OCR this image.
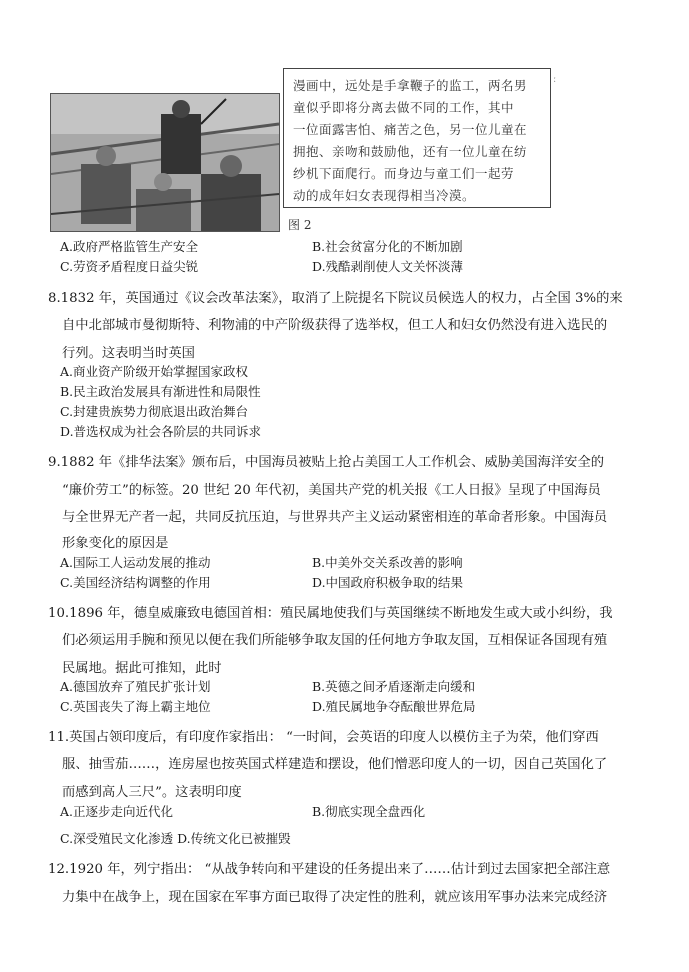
漫画中，远处是手拿鞭子的监工，两名男
童似乎即将分离去做不同的工作，其中
一位面露害怕、痛苦之色，另一位儿童在
拥抱、亲吻和鼓励他，还有一位儿童在纺
纱机下面爬行。而身边与童工们一起劳
动的成年妇女表现得相当冷漠。
ː
图 2
A.政府严格监管生产安全	B.社会贫富分化的不断加剧
C.劳资矛盾程度日益尖锐	D.残酷剥削使人文关怀淡薄
8.1832 年，英国通过《议会改革法案》，取消了上院提名下院议员候选人的权力，占全国 3%的来
自中北部城市曼彻斯特、利物浦的中产阶级获得了选举权，但工人和妇女仍然没有进入选民的
行列。这表明当时英国
A.商业资产阶级开始掌握国家政权
B.民主政治发展具有渐进性和局限性
C.封建贵族势力彻底退出政治舞台
D.普选权成为社会各阶层的共同诉求
9.1882 年《排华法案》颁布后，中国海员被贴上抢占美国工人工作机会、威胁美国海洋安全的
“廉价劳工”的标签。20 世纪 20 年代初，美国共产党的机关报《工人日报》呈现了中国海员
与全世界无产者一起，共同反抗压迫，与世界共产主义运动紧密相连的革命者形象。中国海员
形象变化的原因是
A.国际工人运动发展的推动	B.中美外交关系改善的影响
C.美国经济结构调整的作用	D.中国政府积极争取的结果
10.1896 年，德皇威廉致电德国首相：殖民属地使我们与英国继续不断地发生或大或小纠纷，我
们必须运用手腕和预见以便在我们所能够争取友国的任何地方争取友国，互相保证各国现有殖
民属地。据此可推知，此时
A.德国放弃了殖民扩张计划	B.英德之间矛盾逐渐走向缓和
C.英国丧失了海上霸主地位	D.殖民属地争夺酝酿世界危局
11.英国占领印度后，有印度作家指出： “一时间，会英语的印度人以模仿主子为荣，他们穿西
服、抽雪茄……，连房屋也按英国式样建造和摆设，他们憎恶印度人的一切，因自己英国化了
而感到高人三尺”。这表明印度
A.正逐步走向近代化	B.彻底实现全盘西化
C.深受殖民文化渗透 D.传统文化已被摧毁
12.1920 年，列宁指出： “从战争转向和平建设的任务提出来了……估计到过去国家把全部注意
力集中在战争上，现在国家在军事方面已取得了决定性的胜利，就应该用军事办法来完成经济
